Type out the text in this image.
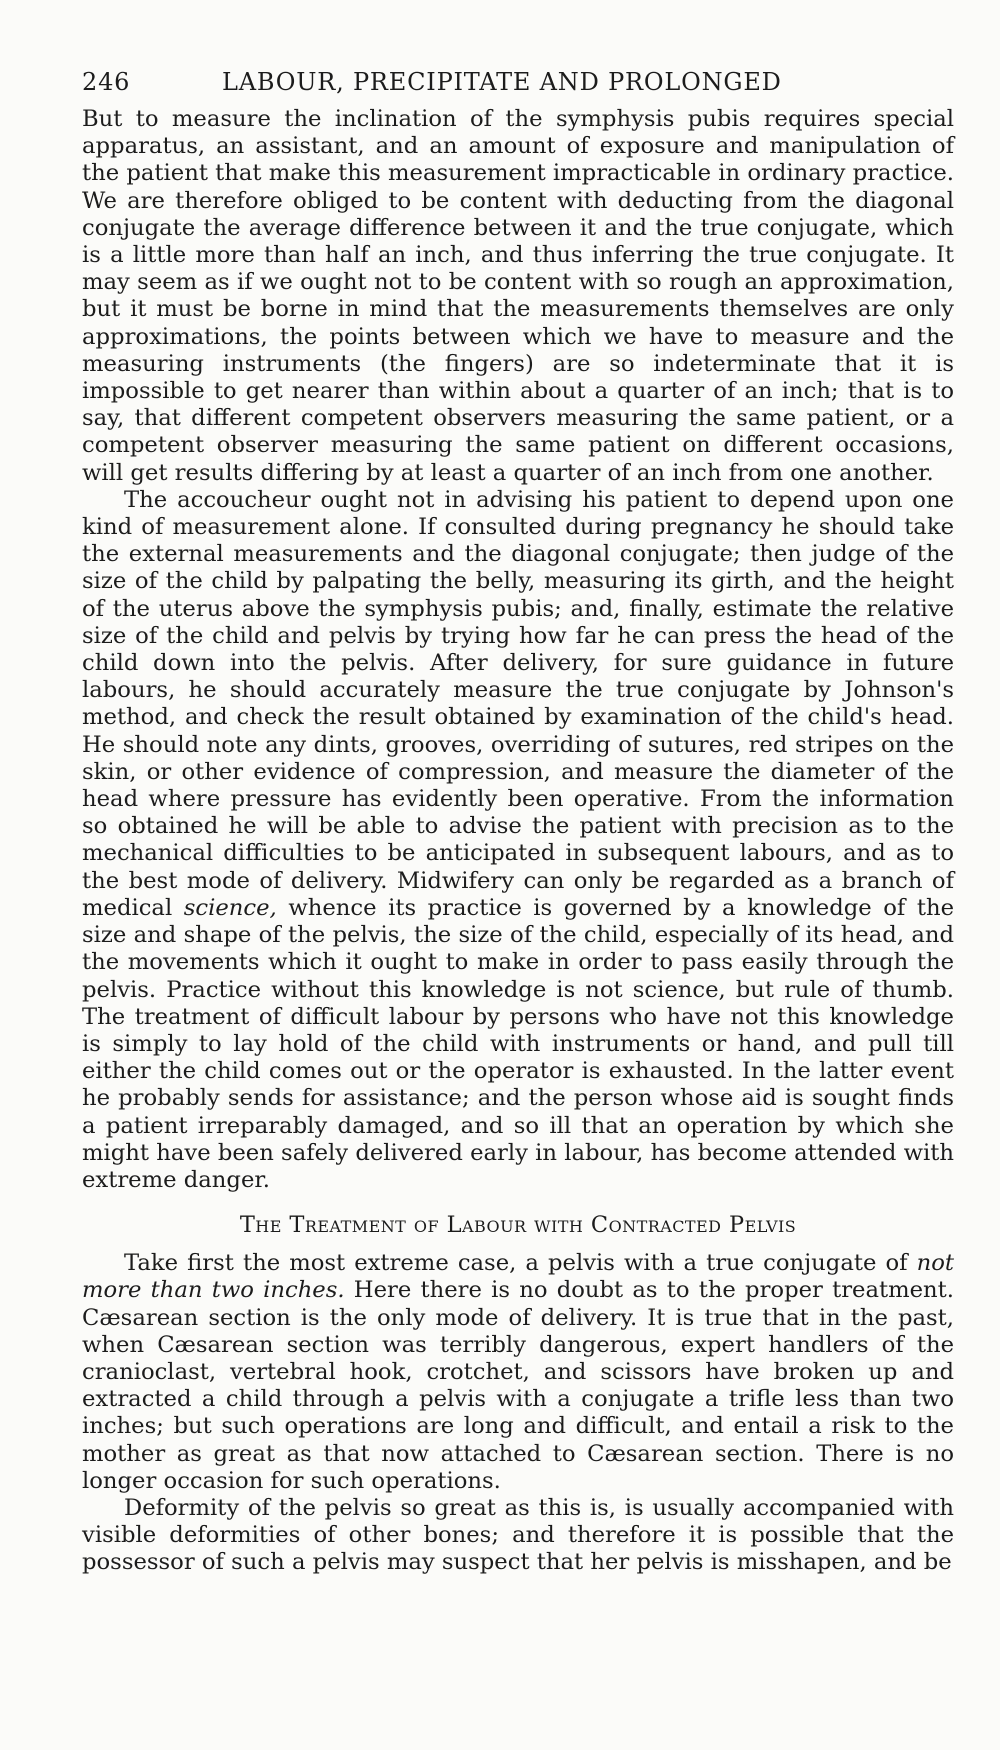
246	LABOUR, PRECIPITATE AND PROLONGED

But to measure the inclination of the symphysis pubis requires special apparatus, an assistant, and an amount of exposure and manipulation of the patient that make this measurement impracticable in ordinary practice. We are therefore obliged to be content with deducting from the diagonal conjugate the average difference between it and the true conjugate, which is a little more than half an inch, and thus inferring the true conjugate. It may seem as if we ought not to be content with so rough an approximation, but it must be borne in mind that the measurements themselves are only approximations, the points between which we have to measure and the measuring instruments (the fingers) are so indeterminate that it is impossible to get nearer than within about a quarter of an inch; that is to say, that different competent observers measuring the same patient, or a competent observer measuring the same patient on different occasions, will get results differing by at least a quarter of an inch from one another.

The accoucheur ought not in advising his patient to depend upon one kind of measurement alone. If consulted during pregnancy he should take the external measurements and the diagonal conjugate; then judge of the size of the child by palpating the belly, measuring its girth, and the height of the uterus above the symphysis pubis; and, finally, estimate the relative size of the child and pelvis by trying how far he can press the head of the child down into the pelvis. After delivery, for sure guidance in future labours, he should accurately measure the true conjugate by Johnson's method, and check the result obtained by examination of the child's head. He should note any dints, grooves, overriding of sutures, red stripes on the skin, or other evidence of compression, and measure the diameter of the head where pressure has evidently been operative. From the information so obtained he will be able to advise the patient with precision as to the mechanical difficulties to be anticipated in subsequent labours, and as to the best mode of delivery. Midwifery can only be regarded as a branch of medical science, whence its practice is governed by a knowledge of the size and shape of the pelvis, the size of the child, especially of its head, and the movements which it ought to make in order to pass easily through the pelvis. Practice without this knowledge is not science, but rule of thumb. The treatment of difficult labour by persons who have not this knowledge is simply to lay hold of the child with instruments or hand, and pull till either the child comes out or the operator is exhausted. In the latter event he probably sends for assistance; and the person whose aid is sought finds a patient irreparably damaged, and so ill that an operation by which she might have been safely delivered early in labour, has become attended with extreme danger.

The Treatment of Labour with Contracted Pelvis

Take first the most extreme case, a pelvis with a true conjugate of not more than two inches. Here there is no doubt as to the proper treatment. Cæsarean section is the only mode of delivery. It is true that in the past, when Cæsarean section was terribly dangerous, expert handlers of the cranioclast, vertebral hook, crotchet, and scissors have broken up and extracted a child through a pelvis with a conjugate a trifle less than two inches; but such operations are long and difficult, and entail a risk to the mother as great as that now attached to Cæsarean section. There is no longer occasion for such operations.

Deformity of the pelvis so great as this is, is usually accompanied with visible deformities of other bones; and therefore it is possible that the possessor of such a pelvis may suspect that her pelvis is misshapen, and be
